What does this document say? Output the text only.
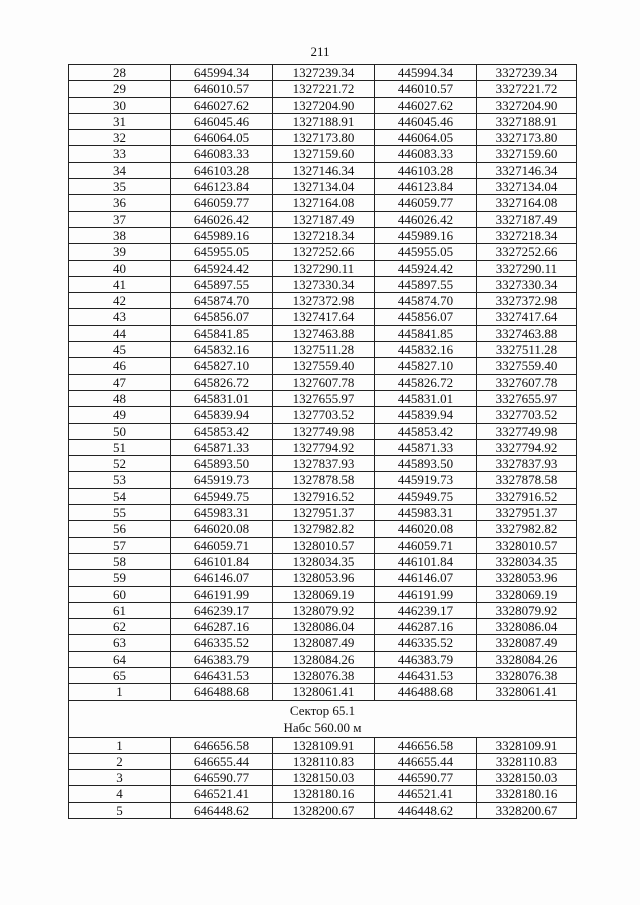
211
28	645994.34	1327239.34	445994.34	3327239.34
29	646010.57	1327221.72	446010.57	3327221.72
30	646027.62	1327204.90	446027.62	3327204.90
31	646045.46	1327188.91	446045.46	3327188.91
32	646064.05	1327173.80	446064.05	3327173.80
33	646083.33	1327159.60	446083.33	3327159.60
34	646103.28	1327146.34	446103.28	3327146.34
35	646123.84	1327134.04	446123.84	3327134.04
36	646059.77	1327164.08	446059.77	3327164.08
37	646026.42	1327187.49	446026.42	3327187.49
38	645989.16	1327218.34	445989.16	3327218.34
39	645955.05	1327252.66	445955.05	3327252.66
40	645924.42	1327290.11	445924.42	3327290.11
41	645897.55	1327330.34	445897.55	3327330.34
42	645874.70	1327372.98	445874.70	3327372.98
43	645856.07	1327417.64	445856.07	3327417.64
44	645841.85	1327463.88	445841.85	3327463.88
45	645832.16	1327511.28	445832.16	3327511.28
46	645827.10	1327559.40	445827.10	3327559.40
47	645826.72	1327607.78	445826.72	3327607.78
48	645831.01	1327655.97	445831.01	3327655.97
49	645839.94	1327703.52	445839.94	3327703.52
50	645853.42	1327749.98	445853.42	3327749.98
51	645871.33	1327794.92	445871.33	3327794.92
52	645893.50	1327837.93	445893.50	3327837.93
53	645919.73	1327878.58	445919.73	3327878.58
54	645949.75	1327916.52	445949.75	3327916.52
55	645983.31	1327951.37	445983.31	3327951.37
56	646020.08	1327982.82	446020.08	3327982.82
57	646059.71	1328010.57	446059.71	3328010.57
58	646101.84	1328034.35	446101.84	3328034.35
59	646146.07	1328053.96	446146.07	3328053.96
60	646191.99	1328069.19	446191.99	3328069.19
61	646239.17	1328079.92	446239.17	3328079.92
62	646287.16	1328086.04	446287.16	3328086.04
63	646335.52	1328087.49	446335.52	3328087.49
64	646383.79	1328084.26	446383.79	3328084.26
65	646431.53	1328076.38	446431.53	3328076.38
1	646488.68	1328061.41	446488.68	3328061.41

Сектор 65.1
Набс 560.00 м				

1	646656.58	1328109.91	446656.58	3328109.91
2	646655.44	1328110.83	446655.44	3328110.83
3	646590.77	1328150.03	446590.77	3328150.03
4	646521.41	1328180.16	446521.41	3328180.16
5	646448.62	1328200.67	446448.62	3328200.67
